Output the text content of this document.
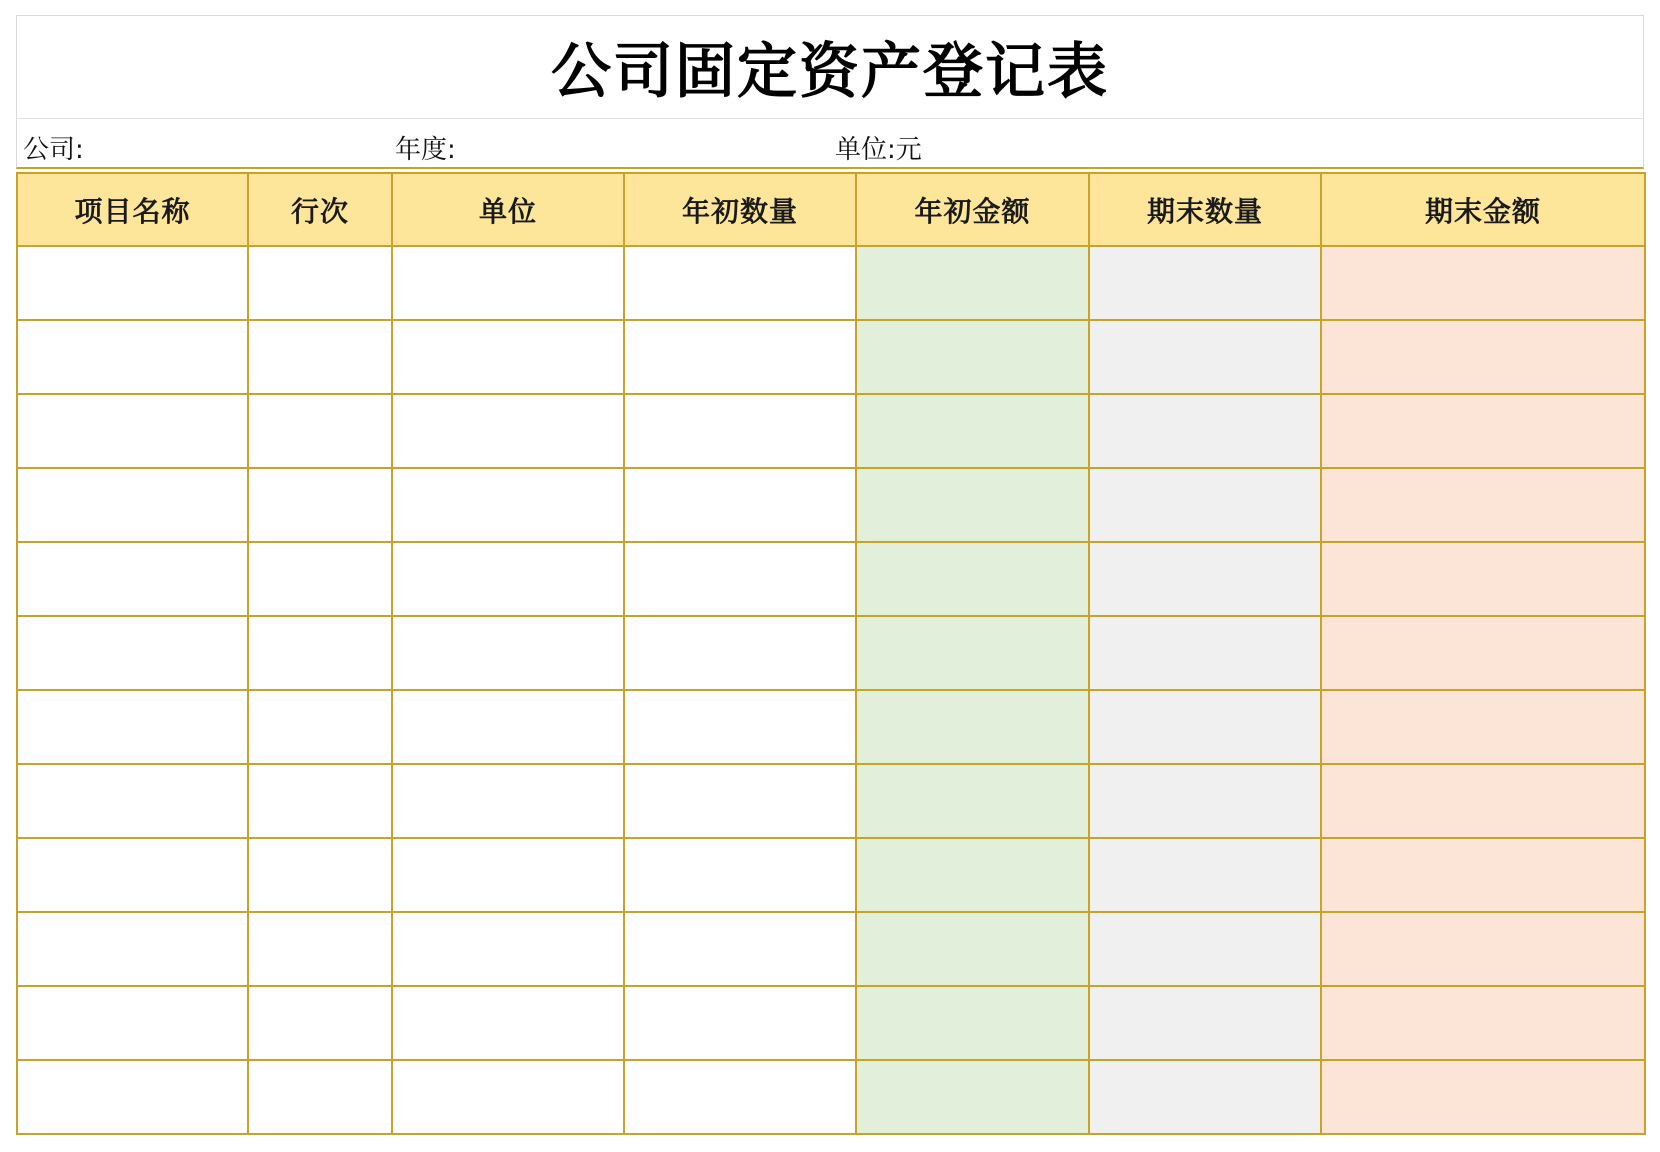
公司固定资产登记表
公司:	年度:	单位:元
项目名称	行次	单位	年初数量	年初金额	期末数量	期末金额
